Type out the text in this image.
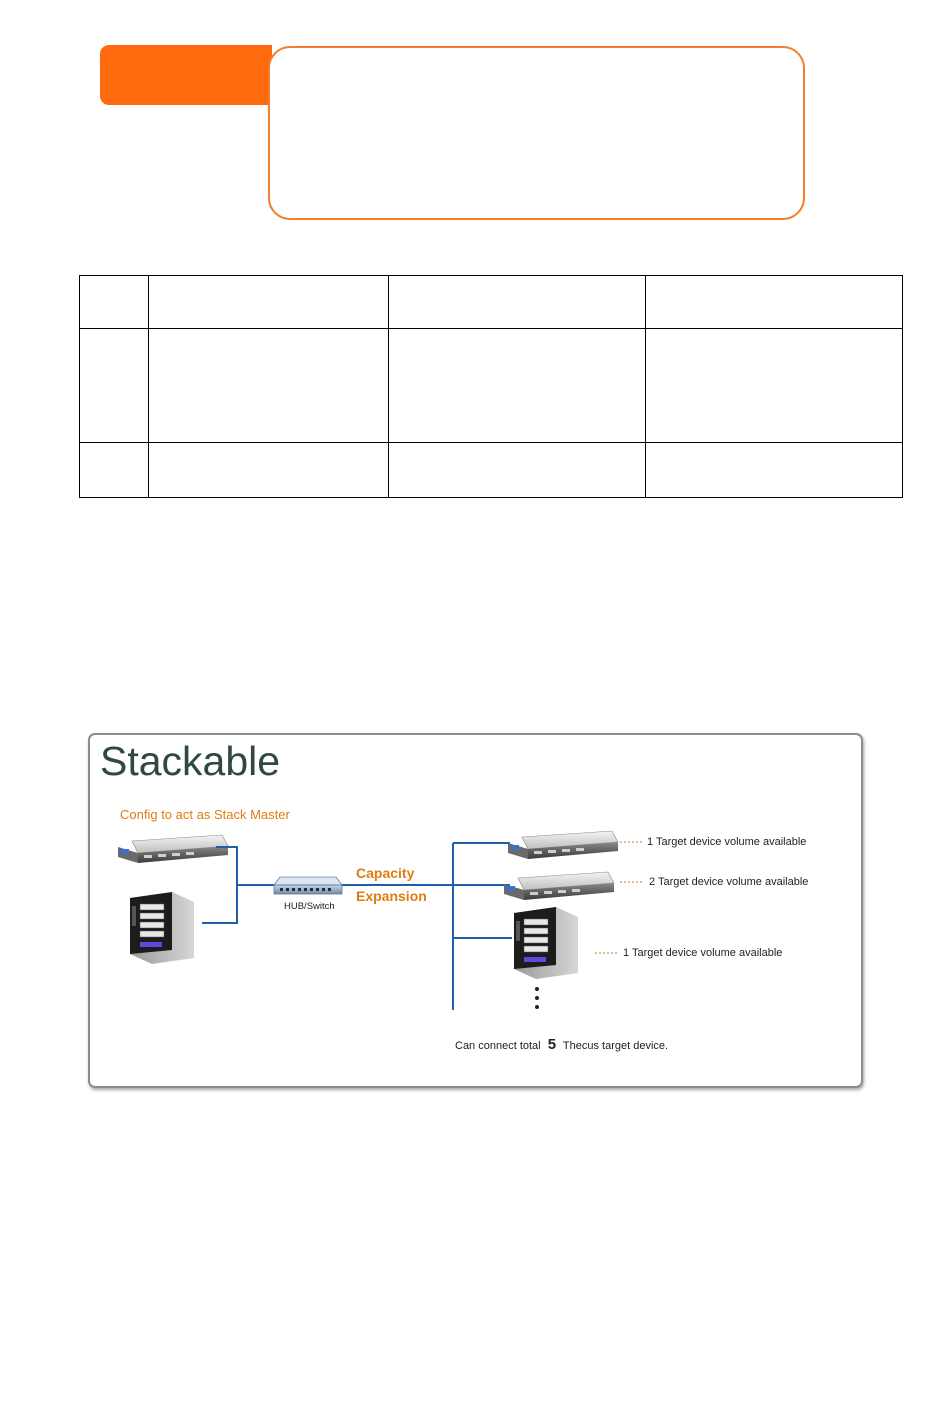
Stackable
Config to act as Stack Master
HUB/Switch
Capacity
Expansion
1 Target device volume available
2 Target device volume available
1 Target device volume available
Can connect total 5 Thecus target device.
